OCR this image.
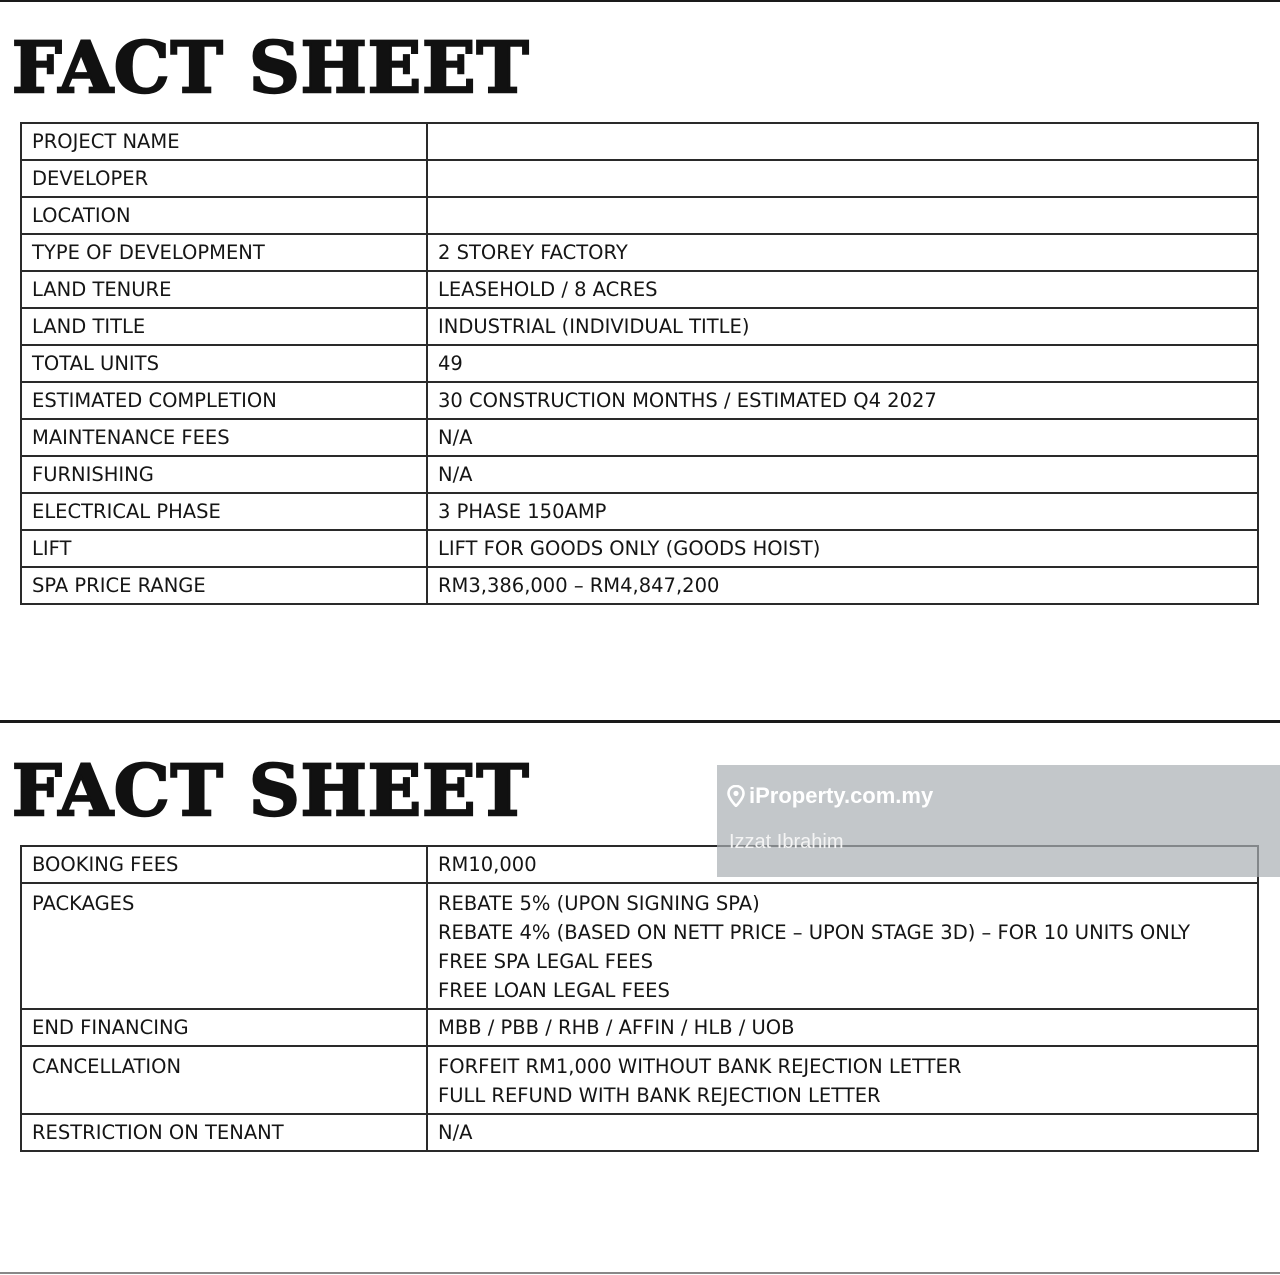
FACT SHEET
PROJECT NAME	
DEVELOPER	
LOCATION	
TYPE OF DEVELOPMENT	2 STOREY FACTORY
LAND TENURE	LEASEHOLD / 8 ACRES
LAND TITLE	INDUSTRIAL (INDIVIDUAL TITLE)
TOTAL UNITS	49
ESTIMATED COMPLETION	30 CONSTRUCTION MONTHS / ESTIMATED Q4 2027
MAINTENANCE FEES	N/A
FURNISHING	N/A
ELECTRICAL PHASE	3 PHASE 150AMP
LIFT	LIFT FOR GOODS ONLY (GOODS HOIST)
SPA PRICE RANGE	RM3,386,000 – RM4,847,200
FACT SHEET
BOOKING FEES	RM10,000

PACKAGES	REBATE 5% (UPON SIGNING SPA)
REBATE 4% (BASED ON NETT PRICE – UPON STAGE 3D) – FOR 10 UNITS ONLY
FREE SPA LEGAL FEES
FREE LOAN LEGAL FEES

END FINANCING	MBB / PBB / RHB / AFFIN / HLB / UOB

CANCELLATION	FORFEIT RM1,000 WITHOUT BANK REJECTION LETTER
FULL REFUND WITH BANK REJECTION LETTER

RESTRICTION ON TENANT	N/A
iProperty.com.my
Izzat Ibrahim
